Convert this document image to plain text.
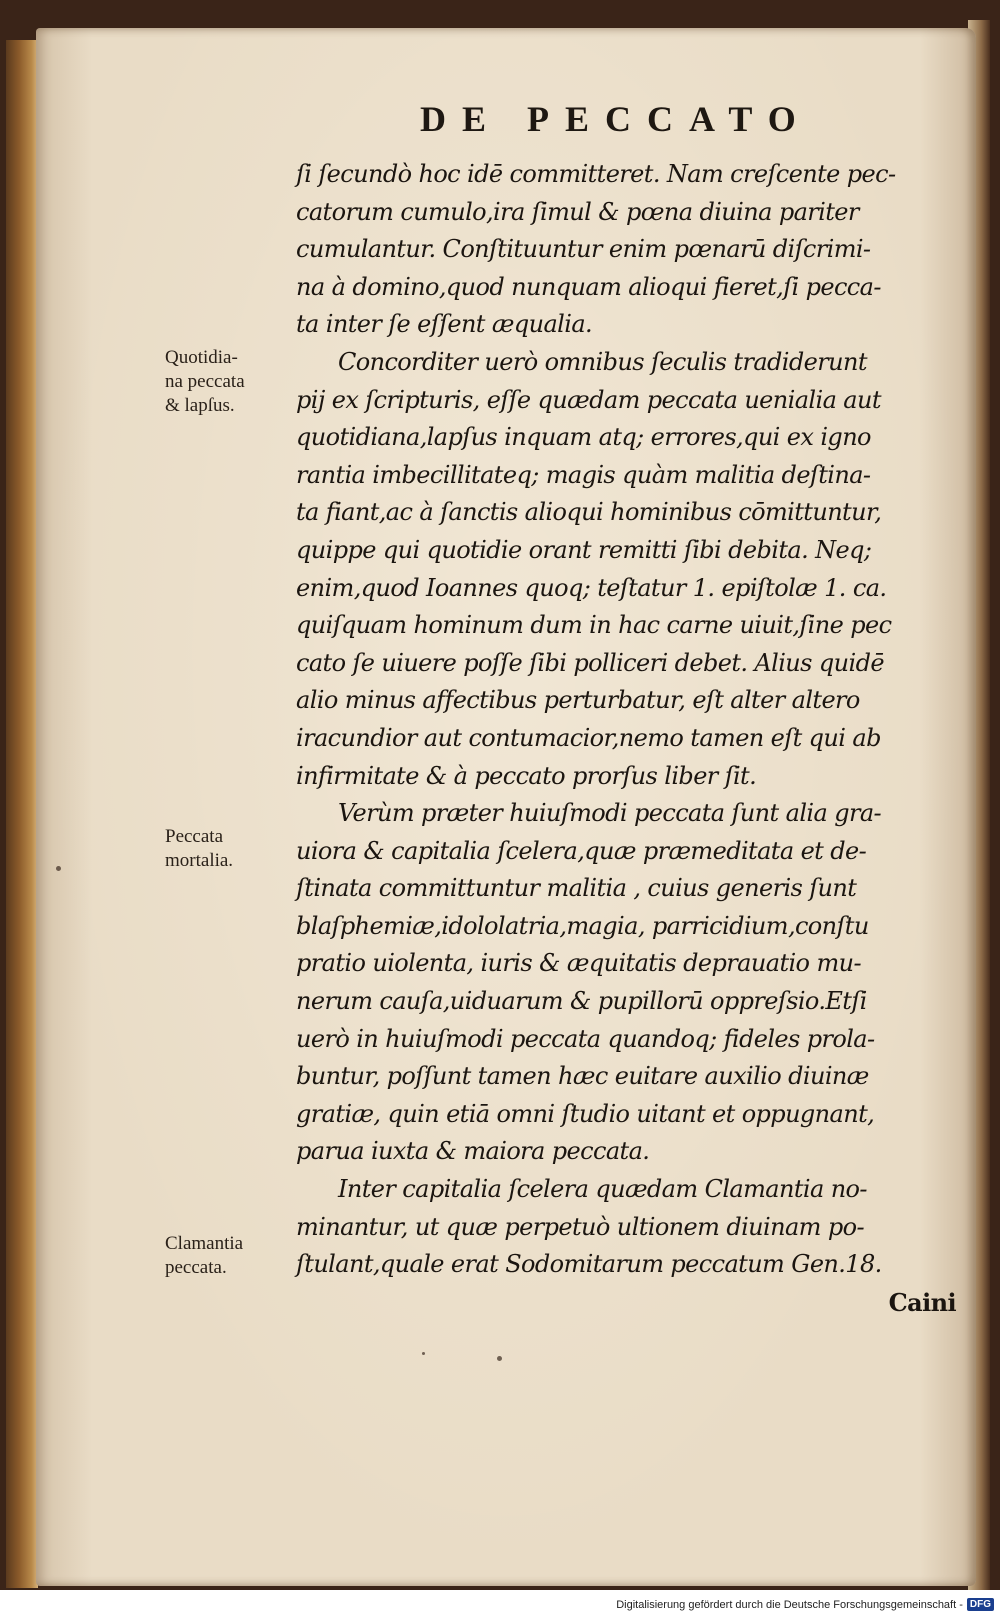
DE PECCATO
Quotidia-
na peccata
& lapſus.
Peccata
mortalia.
Clamantia
peccata.
ſi ſecundò hoc idē committeret. Nam creſcente pec-
catorum cumulo,ira ſimul & pœna diuina pariter
cumulantur. Conſtituuntur enim pœnarū diſcrimi-
na à domino,quod nunquam alioqui fieret,ſi pecca-
ta inter ſe eſſent æqualia.
Concorditer uerò omnibus ſeculis tradiderunt
pij ex ſcripturis, eſſe quædam peccata uenialia aut
quotidiana,lapſus inquam atq; errores,qui ex igno
rantia imbecillitateq; magis quàm malitia deſtina-
ta fiant,ac à ſanctis alioqui hominibus cōmittuntur,
quippe qui quotidie orant remitti ſibi debita. Neq;
enim,quod Ioannes quoq; teſtatur 1. epiſtolæ 1. ca.
quiſquam hominum dum in hac carne uiuit,ſine pec
cato ſe uiuere poſſe ſibi polliceri debet. Alius quidē
alio minus affectibus perturbatur, eſt alter altero
iracundior aut contumacior,nemo tamen eſt qui ab
infirmitate & à peccato prorſus liber ſit.
Verùm præter huiuſmodi peccata ſunt alia gra-
uiora & capitalia ſcelera,quæ præmeditata et de-
ſtinata committuntur malitia , cuius generis ſunt
blaſphemiæ,idololatria,magia, parricidium,conſtu
pratio uiolenta, iuris & æquitatis deprauatio mu-
nerum cauſa,uiduarum & pupillorū oppreſsio.Etſi
uerò in huiuſmodi peccata quandoq; fideles prola-
buntur, poſſunt tamen hæc euitare auxilio diuinæ
gratiæ, quin etiā omni ſtudio uitant et oppugnant,
parua iuxta & maiora peccata.
Inter capitalia ſcelera quædam Clamantia no-
minantur, ut quæ perpetuò ultionem diuinam po-
ſtulant,quale erat Sodomitarum peccatum Gen.18.
Caini
Digitalisierung gefördert durch die Deutsche Forschungsgemeinschaft - DFG
